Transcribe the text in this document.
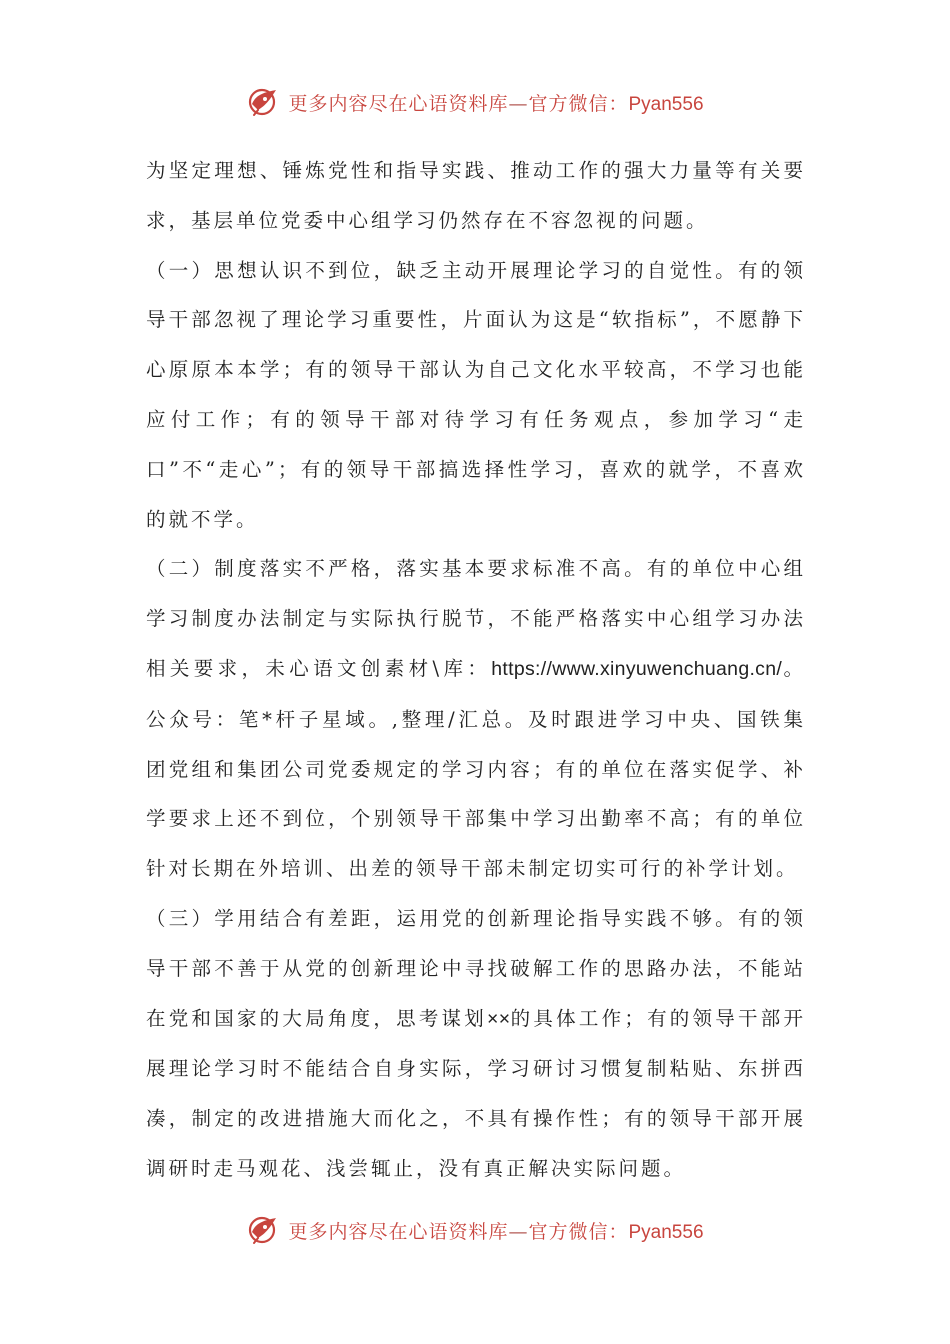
更多内容尽在心语资料库—官方微信：Pyan556

为坚定理想、锤炼党性和指导实践、推动工作的强大力量等有关要求，基层单位党委中心组学习仍然存在不容忽视的问题。

（一）思想认识不到位，缺乏主动开展理论学习的自觉性。有的领导干部忽视了理论学习重要性，片面认为这是“软指标”，不愿静下心原原本本学；有的领导干部认为自己文化水平较高，不学习也能应付工作；有的领导干部对待学习有任务观点，参加学习“走口”不“走心”；有的领导干部搞选择性学习，喜欢的就学，不喜欢的就不学。

（二）制度落实不严格，落实基本要求标准不高。有的单位中心组学习制度办法制定与实际执行脱节，不能严格落实中心组学习办法相关要求，未心语文创素材\库：https://www.xinyuwenchuang.cn/。公众号：笔*杆子星域。,整理/汇总。及时跟进学习中央、国铁集团党组和集团公司党委规定的学习内容；有的单位在落实促学、补学要求上还不到位，个别领导干部集中学习出勤率不高；有的单位针对长期在外培训、出差的领导干部未制定切实可行的补学计划。

（三）学用结合有差距，运用党的创新理论指导实践不够。有的领导干部不善于从党的创新理论中寻找破解工作的思路办法，不能站在党和国家的大局角度，思考谋划××的具体工作；有的领导干部开展理论学习时不能结合自身实际，学习研讨习惯复制粘贴、东拼西凑，制定的改进措施大而化之，不具有操作性；有的领导干部开展调研时走马观花、浅尝辄止，没有真正解决实际问题。

更多内容尽在心语资料库—官方微信：Pyan556
